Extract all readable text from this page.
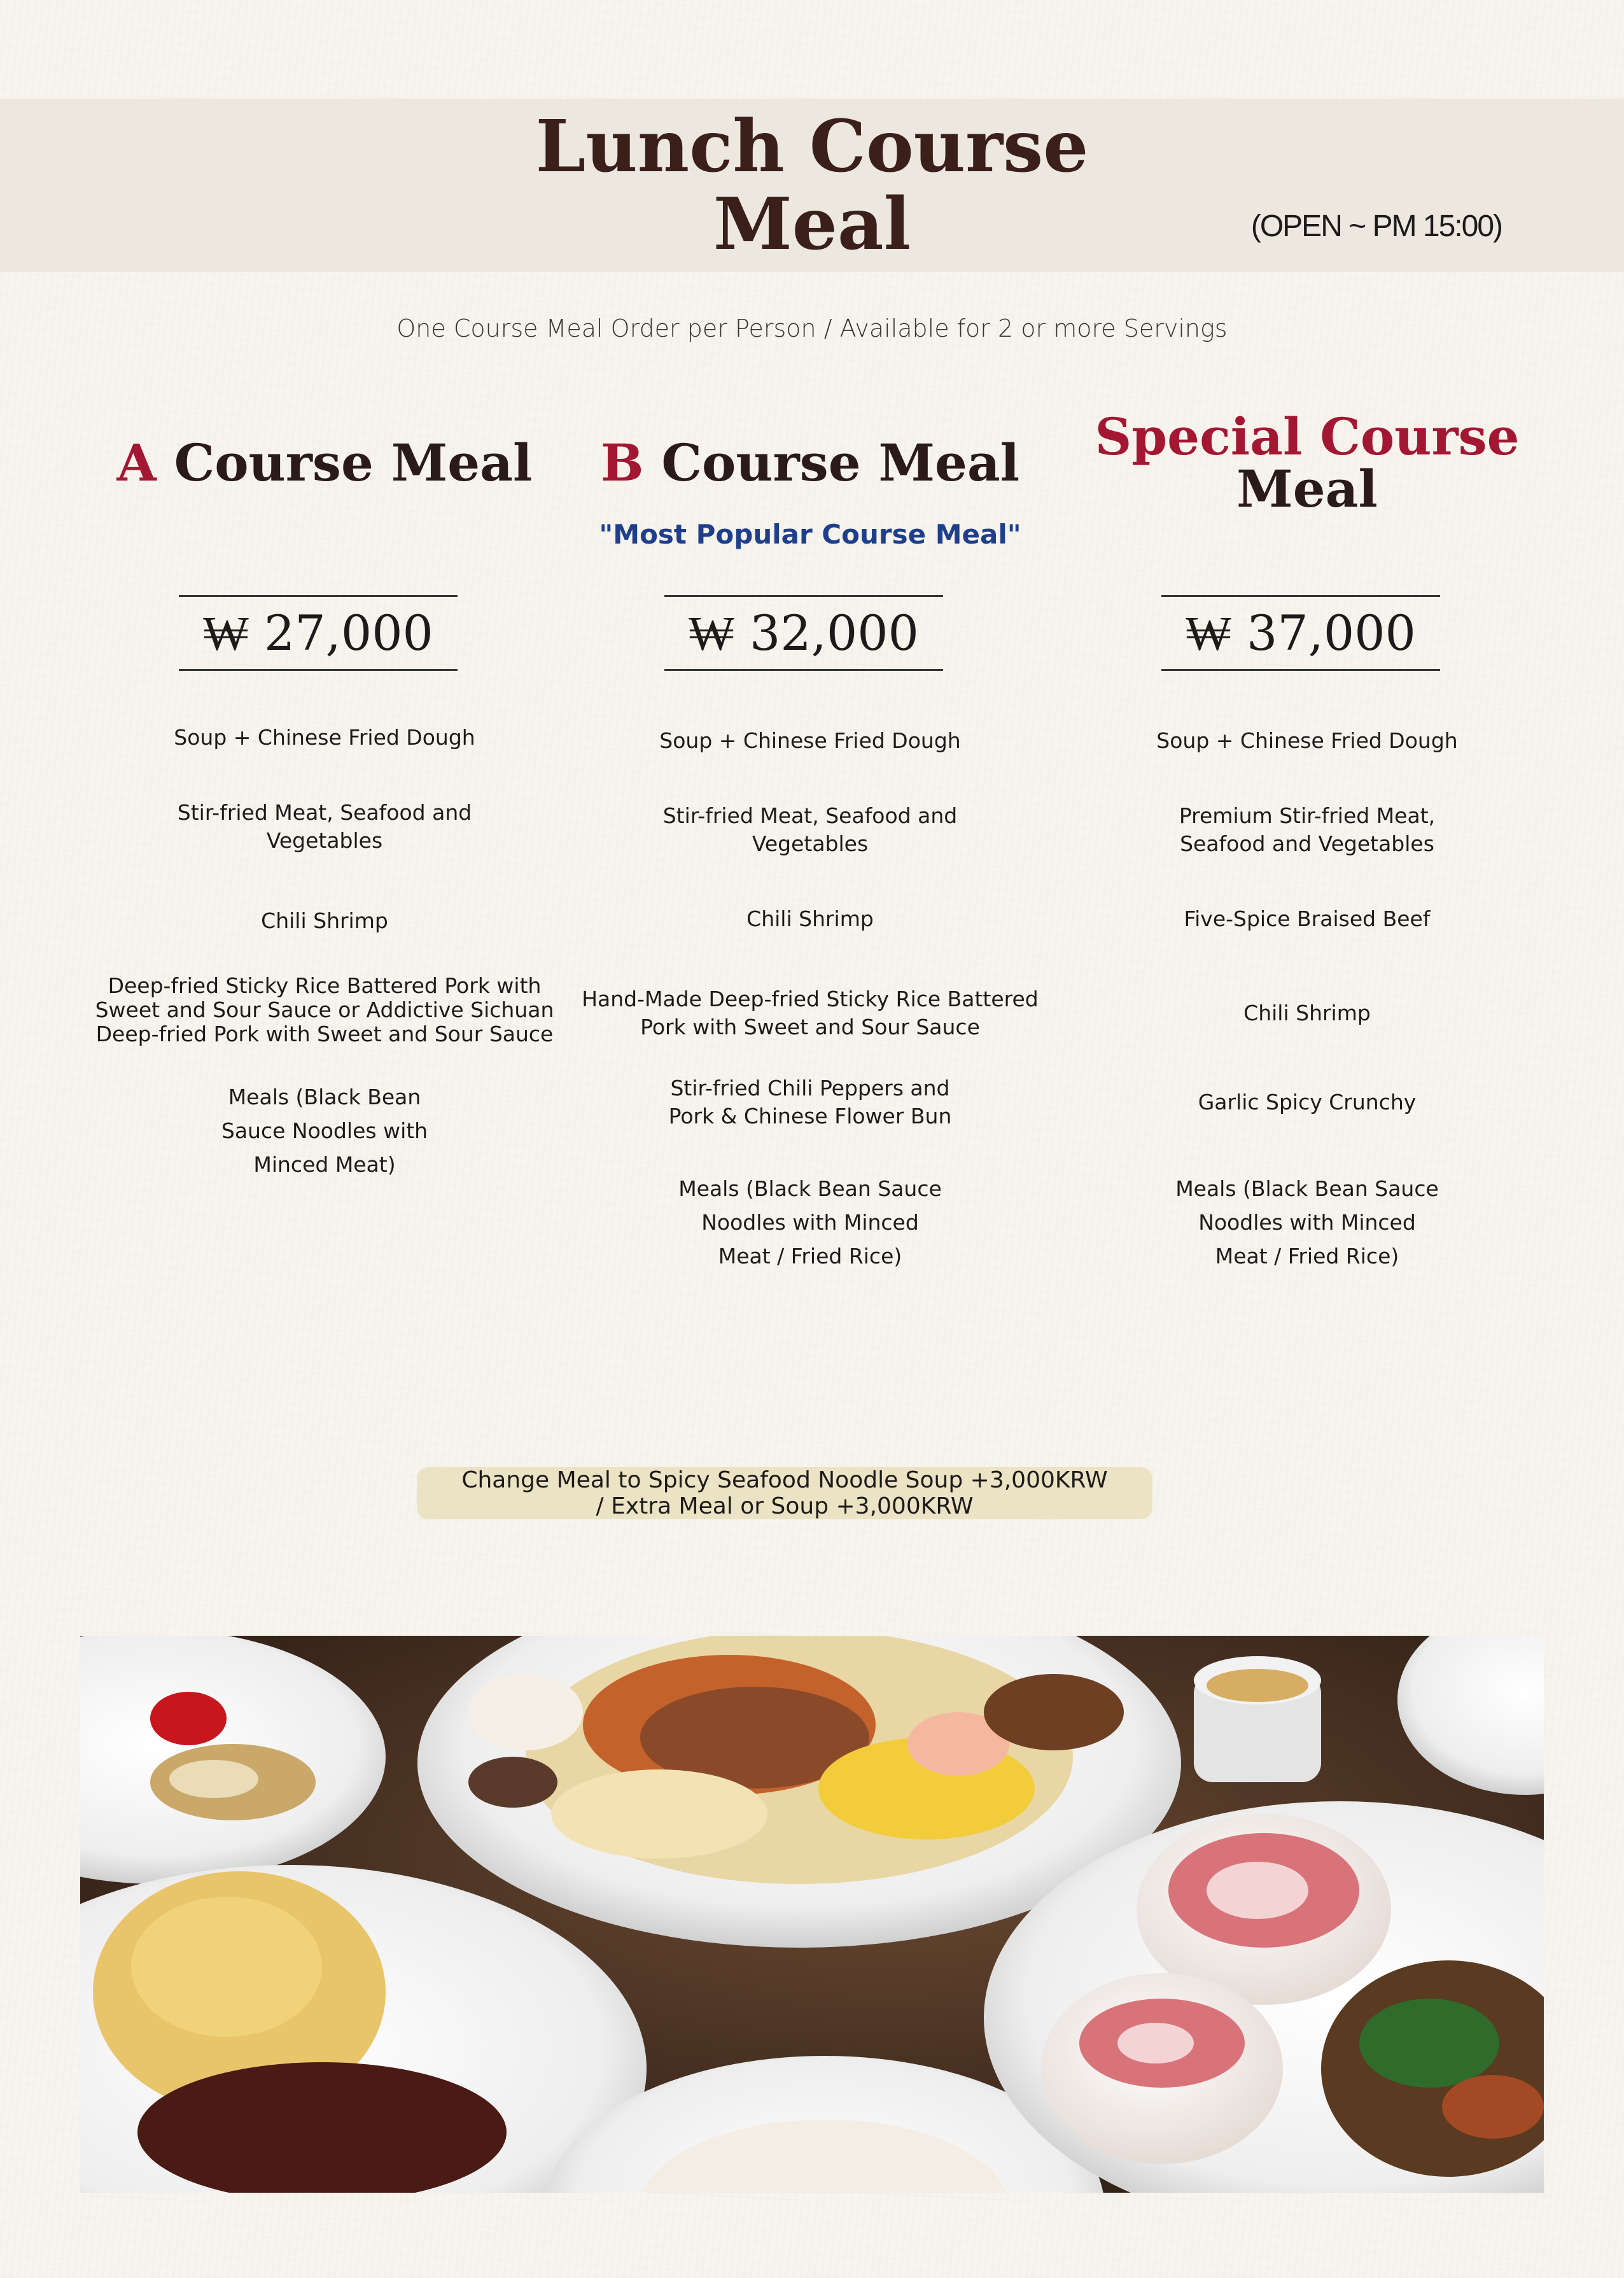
Lunch Course
Meal	(OPEN ~ PM 15:00)
One Course Meal Order per Person / Available for 2 or more Servings
A Course Meal
₩ 27,000
Soup + Chinese Fried Dough
Stir-fried Meat, Seafood and
Vegetables
Chili Shrimp
Deep-fried Sticky Rice Battered Pork with
Sweet and Sour Sauce or Addictive Sichuan
Deep-fried Pork with Sweet and Sour Sauce
Meals (Black Bean
Sauce Noodles with
Minced Meat)
B Course Meal
"Most Popular Course Meal"
₩ 32,000
Soup + Chinese Fried Dough
Stir-fried Meat, Seafood and
Vegetables
Chili Shrimp
Hand-Made Deep-fried Sticky Rice Battered
Pork with Sweet and Sour Sauce
Stir-fried Chili Peppers and
Pork & Chinese Flower Bun
Meals (Black Bean Sauce
Noodles with Minced
Meat / Fried Rice)
Special Course
Meal
₩ 37,000
Soup + Chinese Fried Dough
Premium Stir-fried Meat,
Seafood and Vegetables
Five-Spice Braised Beef
Chili Shrimp
Garlic Spicy Crunchy
Meals (Black Bean Sauce
Noodles with Minced
Meat / Fried Rice)
Change Meal to Spicy Seafood Noodle Soup +3,000KRW
/ Extra Meal or Soup +3,000KRW
